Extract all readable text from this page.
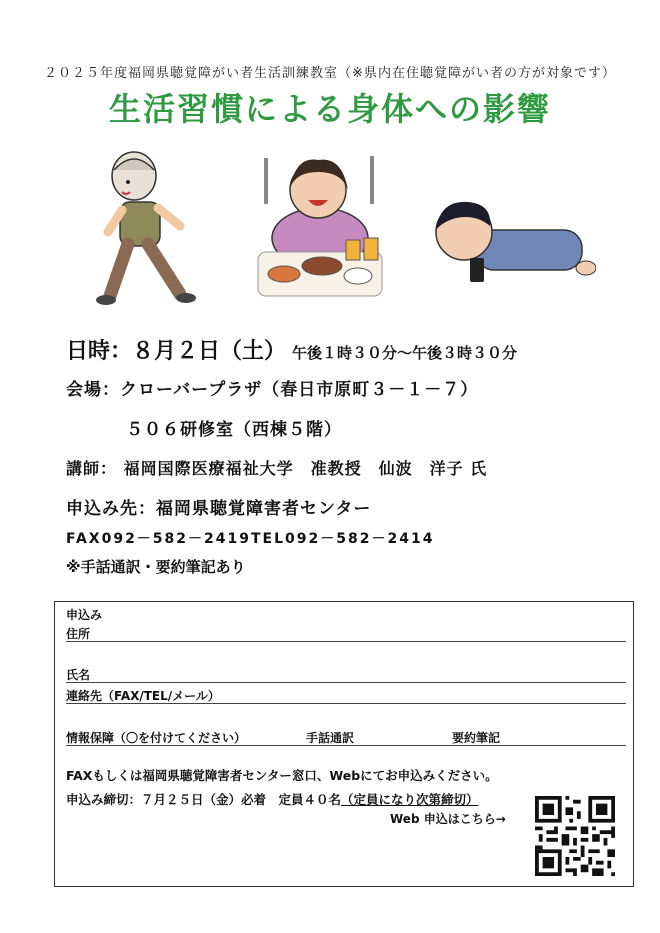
２０２５年度福岡県聴覚障がい者生活訓練教室（※県内在住聴覚障がい者の方が対象です）
生活習慣による身体への影響
日時：８月２日（土） 午後１時３０分～午後３時３０分
会場：クローバープラザ（春日市原町３－１－７）
５０６研修室（西棟５階）
講師： 福岡国際医療福祉大学　准教授　仙波　洋子 氏
申込み先：福岡県聴覚障害者センター
FAX092－582－2419TEL092－582－2414
※手話通訳・要約筆記あり
申込み
住所
氏名
連絡先（FAX/TEL/メール）
情報保障（〇を付けてください）	手話通訳	要約筆記
FAXもしくは福岡県聴覚障害者センター窓口、Webにてお申込みください。
申込み締切：７月２５日（金）必着　定員４０名（定員になり次第締切）
Web 申込はこちら→
